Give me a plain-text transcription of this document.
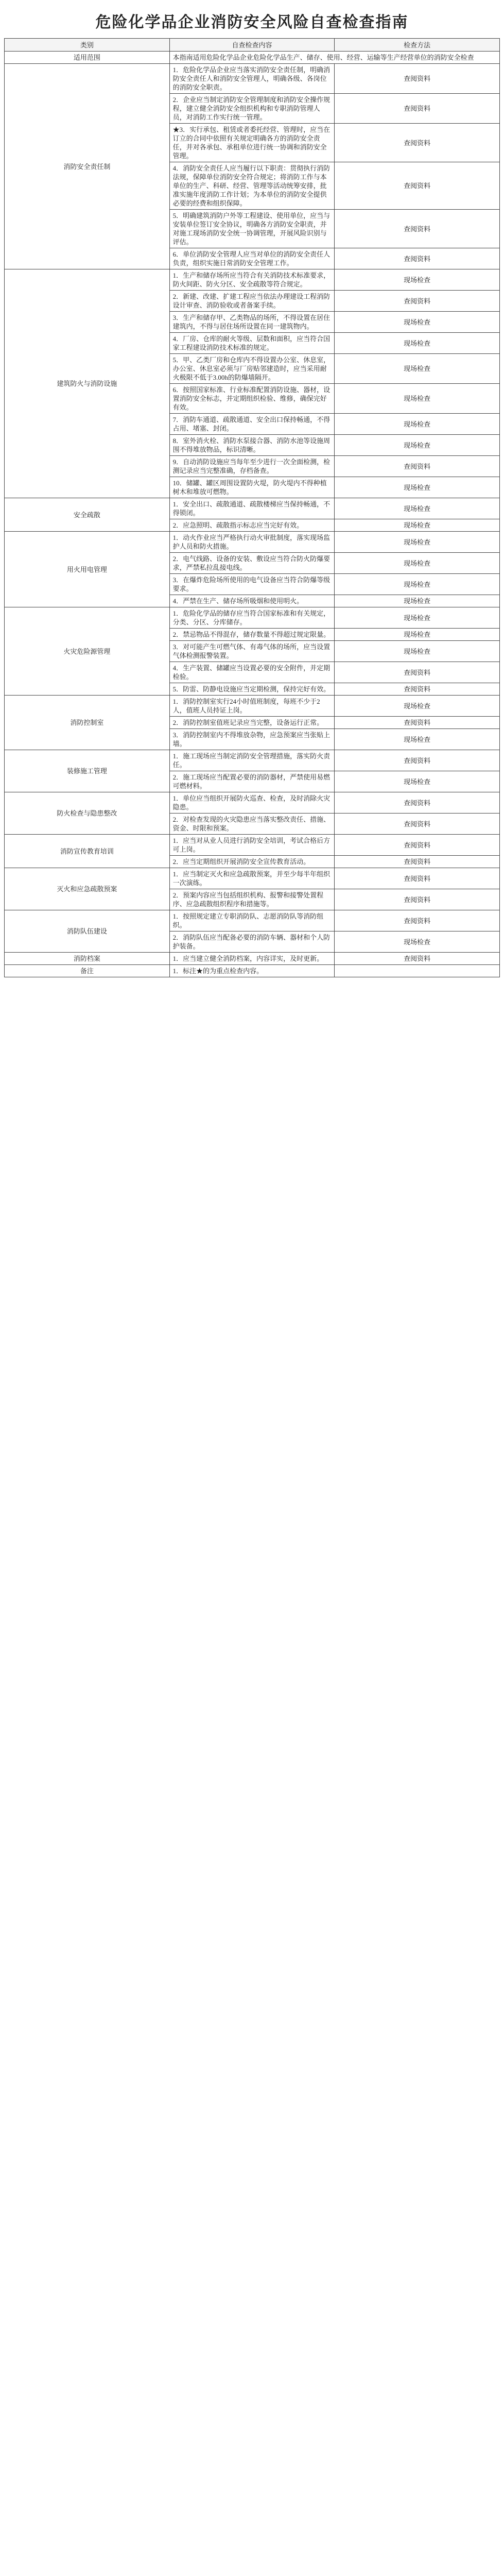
危险化学品企业消防安全风险自查检查指南
类别	自查检查内容	检查方法
适用范围	本指南适用危险化学品企业危险化学品生产、储存、使用、经营、运输等生产经营单位的消防安全检查	
消防安全责任制	1．危险化学品企业应当落实消防安全责任制，明确消防安全责任人和消防安全管理人，明确各级、各岗位的消防安全职责。	查阅资料
	2．企业应当制定消防安全管理制度和消防安全操作规程，建立健全消防安全组织机构和专职消防管理人员，对消防工作实行统一管理。	查阅资料
	★3．实行承包、租赁或者委托经营、管理时，应当在订立的合同中依照有关规定明确各方的消防安全责任，并对各承包、承租单位进行统一协调和消防安全管理。	查阅资料
	4．消防安全责任人应当履行以下职责：贯彻执行消防法规，保障单位消防安全符合规定；将消防工作与本单位的生产、科研、经营、管理等活动统筹安排，批准实施年度消防工作计划；为本单位的消防安全提供必要的经费和组织保障。	查阅资料
	5．明确建筑消防户外等工程建设、使用单位，应当与安装单位签订安全协议，明确各方消防安全职责，并对施工现场消防安全统一协调管理，开展风险识别与评估。	查阅资料
	6．单位消防安全管理人应当对单位的消防安全责任人负责，组织实施日常消防安全管理工作。	查阅资料
建筑防火与消防设施	1．生产和储存场所应当符合有关消防技术标准要求，防火间距、防火分区、安全疏散等符合规定。	现场检查
	2．新建、改建、扩建工程应当依法办理建设工程消防设计审查、消防验收或者备案手续。	查阅资料
	3．生产和储存甲、乙类物品的场所，不得设置在居住建筑内，不得与居住场所设置在同一建筑物内。	现场检查
	4．厂房、仓库的耐火等级、层数和面积，应当符合国家工程建设消防技术标准的规定。	现场检查
	5．甲、乙类厂房和仓库内不得设置办公室、休息室，办公室、休息室必须与厂房贴邻建造时，应当采用耐火极限不低于3.00h的防爆墙隔开。	现场检查
	6．按照国家标准、行业标准配置消防设施、器材，设置消防安全标志，并定期组织检验、维修，确保完好有效。	现场检查
	7．消防车通道、疏散通道、安全出口保持畅通，不得占用、堵塞、封闭。	现场检查
	8．室外消火栓、消防水泵接合器、消防水池等设施周围不得堆放物品，标识清晰。	现场检查
	9．自动消防设施应当每年至少进行一次全面检测，检测记录应当完整准确，存档备查。	查阅资料
	10．储罐、罐区周围设置防火堤，防火堤内不得种植树木和堆放可燃物。	现场检查
安全疏散	1．安全出口、疏散通道、疏散楼梯应当保持畅通，不得锁闭。	现场检查
	2．应急照明、疏散指示标志应当完好有效。	现场检查
用火用电管理	1．动火作业应当严格执行动火审批制度，落实现场监护人员和防火措施。	现场检查
	2．电气线路、设备的安装、敷设应当符合防火防爆要求，严禁私拉乱接电线。	现场检查
	3．在爆炸危险场所使用的电气设备应当符合防爆等级要求。	现场检查
	4．严禁在生产、储存场所吸烟和使用明火。	现场检查
火灾危险源管理	1．危险化学品的储存应当符合国家标准和有关规定，分类、分区、分库储存。	现场检查
	2．禁忌物品不得混存，储存数量不得超过规定限量。	现场检查
	3．对可能产生可燃气体、有毒气体的场所，应当设置气体检测报警装置。	现场检查
	4．生产装置、储罐应当设置必要的安全附件，并定期检验。	查阅资料
	5．防雷、防静电设施应当定期检测，保持完好有效。	查阅资料
消防控制室	1．消防控制室实行24小时值班制度，每班不少于2人，值班人员持证上岗。	现场检查
	2．消防控制室值班记录应当完整，设备运行正常。	查阅资料
	3．消防控制室内不得堆放杂物，应急预案应当张贴上墙。	现场检查
装修施工管理	1．施工现场应当制定消防安全管理措施，落实防火责任。	查阅资料
	2．施工现场应当配置必要的消防器材，严禁使用易燃可燃材料。	现场检查
防火检查与隐患整改	1．单位应当组织开展防火巡查、检查，及时消除火灾隐患。	查阅资料
	2．对检查发现的火灾隐患应当落实整改责任、措施、资金、时限和预案。	查阅资料
消防宣传教育培训	1．应当对从业人员进行消防安全培训，考试合格后方可上岗。	查阅资料
	2．应当定期组织开展消防安全宣传教育活动。	查阅资料
灭火和应急疏散预案	1．应当制定灭火和应急疏散预案，并至少每半年组织一次演练。	查阅资料
	2．预案内容应当包括组织机构、报警和接警处置程序、应急疏散组织程序和措施等。	查阅资料
消防队伍建设	1．按照规定建立专职消防队、志愿消防队等消防组织。	查阅资料
	2．消防队伍应当配备必要的消防车辆、器材和个人防护装备。	现场检查
消防档案	1．应当建立健全消防档案，内容详实，及时更新。	查阅资料
备注	1．标注★的为重点检查内容。	
